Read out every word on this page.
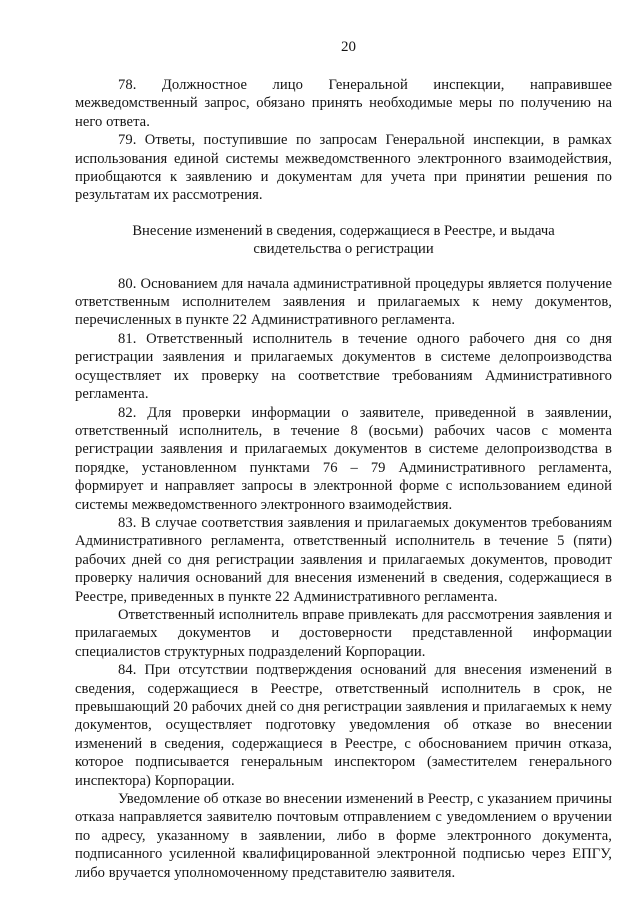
20

78. Должностное лицо Генеральной инспекции, направившее межведомственный запрос, обязано принять необходимые меры по получению на него ответа.

79. Ответы, поступившие по запросам Генеральной инспекции, в рамках использования единой системы межведомственного электронного взаимодействия, приобщаются к заявлению и документам для учета при принятии решения по результатам их рассмотрения.

Внесение изменений в сведения, содержащиеся в Реестре, и выдача свидетельства о регистрации

80. Основанием для начала административной процедуры является получение ответственным исполнителем заявления и прилагаемых к нему документов, перечисленных в пункте 22 Административного регламента.

81. Ответственный исполнитель в течение одного рабочего дня со дня регистрации заявления и прилагаемых документов в системе делопроизводства осуществляет их проверку на соответствие требованиям Административного регламента.

82. Для проверки информации о заявителе, приведенной в заявлении, ответственный исполнитель, в течение 8 (восьми) рабочих часов с момента регистрации заявления и прилагаемых документов в системе делопроизводства в порядке, установленном пунктами 76 – 79 Административного регламента, формирует и направляет запросы в электронной форме с использованием единой системы межведомственного электронного взаимодействия.

83. В случае соответствия заявления и прилагаемых документов требованиям Административного регламента, ответственный исполнитель в течение 5 (пяти) рабочих дней со дня регистрации заявления и прилагаемых документов, проводит проверку наличия оснований для внесения изменений в сведения, содержащиеся в Реестре, приведенных в пункте 22 Административного регламента.

Ответственный исполнитель вправе привлекать для рассмотрения заявления и прилагаемых документов и достоверности представленной информации специалистов структурных подразделений Корпорации.

84. При отсутствии подтверждения оснований для внесения изменений в сведения, содержащиеся в Реестре, ответственный исполнитель в срок, не превышающий 20 рабочих дней со дня регистрации заявления и прилагаемых к нему документов, осуществляет подготовку уведомления об отказе во внесении изменений в сведения, содержащиеся в Реестре, с обоснованием причин отказа, которое подписывается генеральным инспектором (заместителем генерального инспектора) Корпорации.

Уведомление об отказе во внесении изменений в Реестр, с указанием причины отказа направляется заявителю почтовым отправлением с уведомлением о вручении по адресу, указанному в заявлении, либо в форме электронного документа, подписанного усиленной квалифицированной электронной подписью через ЕПГУ, либо вручается уполномоченному представителю заявителя.
